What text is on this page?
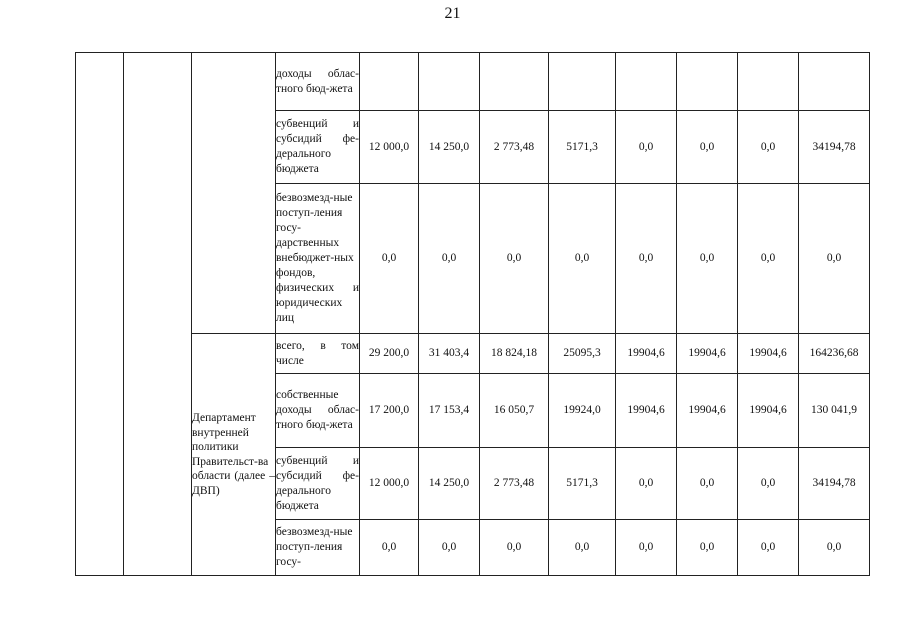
21
			доходы облас-тного бюд-жета								
			субвенций и субсидий фе-дерального бюджета	12 000,0	14 250,0	2 773,48	5171,3	0,0	0,0	0,0	34194,78
			безвозмезд-ные поступ-ления госу-дарственных внебюджет-ных фондов, физических и юридических лиц	0,0	0,0	0,0	0,0	0,0	0,0	0,0	0,0
		Департамент внутренней политики Правительст-ва области (далее – ДВП)	всего, в том числе	29 200,0	31 403,4	18 824,18	25095,3	19904,6	19904,6	19904,6	164236,68
			собственные доходы облас-тного бюд-жета	17 200,0	17 153,4	16 050,7	19924,0	19904,6	19904,6	19904,6	130 041,9
			субвенций и субсидий фе-дерального бюджета	12 000,0	14 250,0	2 773,48	5171,3	0,0	0,0	0,0	34194,78
			безвозмезд-ные поступ-ления госу-	0,0	0,0	0,0	0,0	0,0	0,0	0,0	0,0
